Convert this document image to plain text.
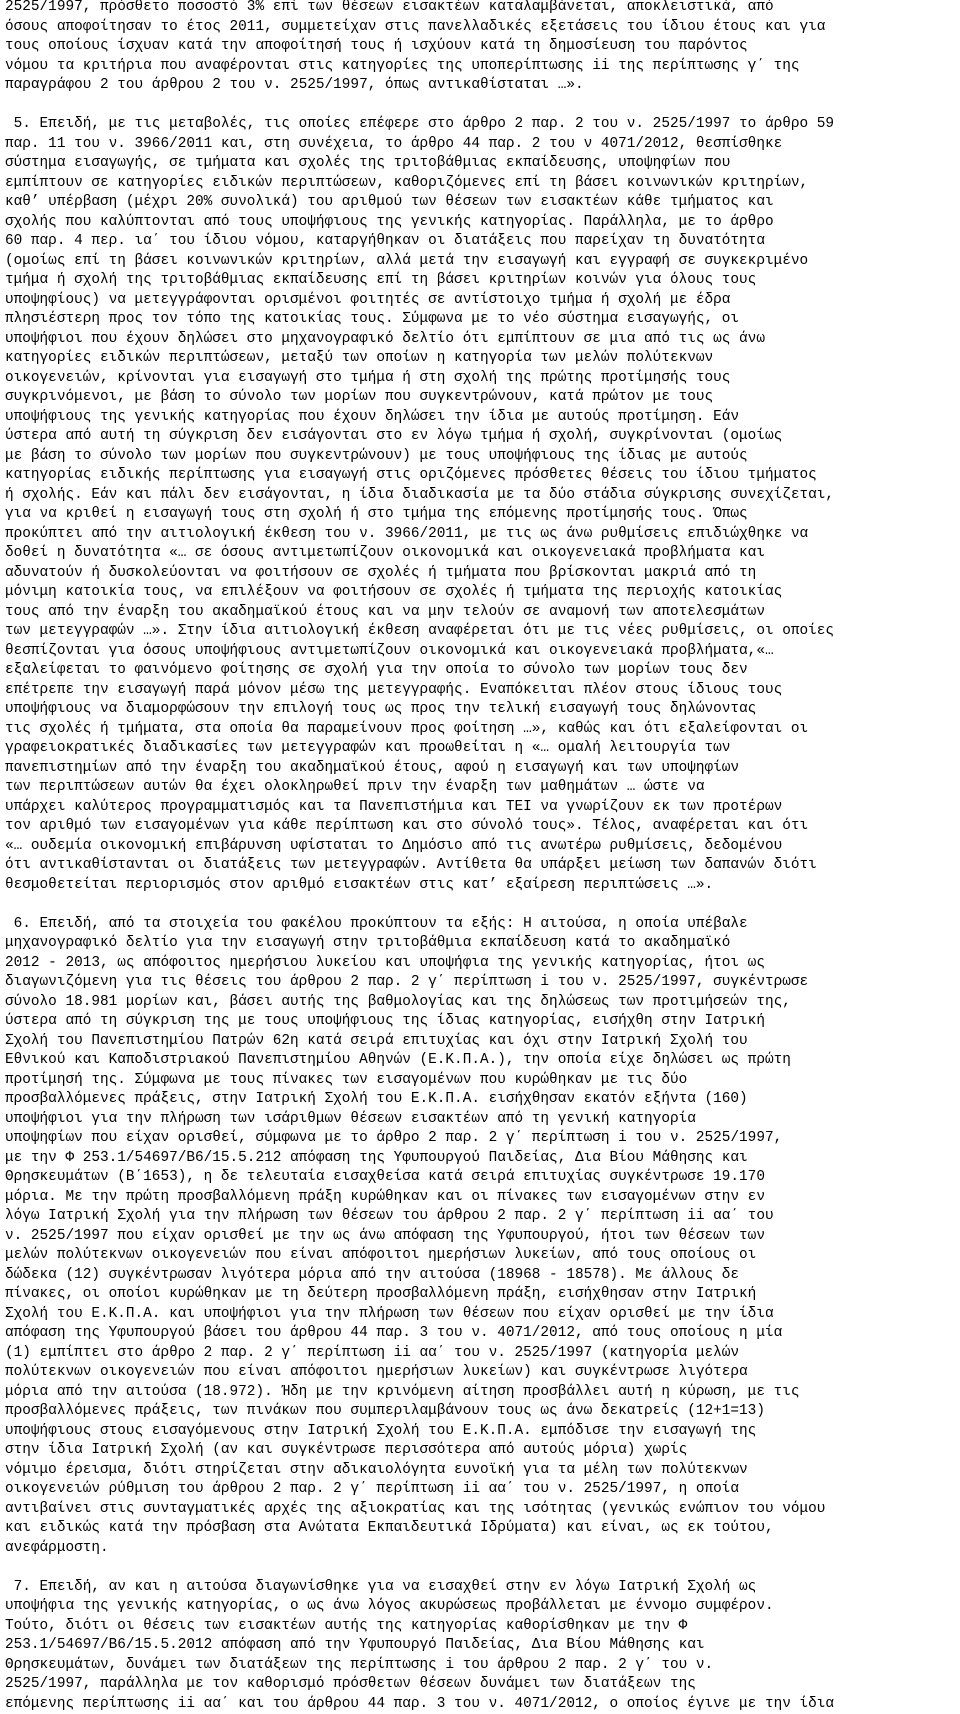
2525/1997, πρόσθετο ποσοστό 3% επί των θέσεων εισακτέων καταλαμβάνεται, αποκλειστικά, από
όσους αποφοίτησαν το έτος 2011, συμμετείχαν στις πανελλαδικές εξετάσεις του ίδιου έτους και για
τους οποίους ίσχυαν κατά την αποφοίτησή τους ή ισχύουν κατά τη δημοσίευση του παρόντος
νόμου τα κριτήρια που αναφέρονται στις κατηγορίες της υποπερίπτωσης ii της περίπτωσης γ΄ της
παραγράφου 2 του άρθρου 2 του ν. 2525/1997, όπως αντικαθίσταται …».
5. Επειδή, με τις μεταβολές, τις οποίες επέφερε στο άρθρο 2 παρ. 2 του ν. 2525/1997 το άρθρο 59
παρ. 11 του ν. 3966/2011 και, στη συνέχεια, το άρθρο 44 παρ. 2 του ν 4071/2012, θεσπίσθηκε
σύστημα εισαγωγής, σε τμήματα και σχολές της τριτοβάθμιας εκπαίδευσης, υποψηφίων που
εμπίπτουν σε κατηγορίες ειδικών περιπτώσεων, καθοριζόμενες επί τη βάσει κοινωνικών κριτηρίων,
καθ’ υπέρβαση (μέχρι 20% συνολικά) του αριθμού των θέσεων των εισακτέων κάθε τμήματος και
σχολής που καλύπτονται από τους υποψήφιους της γενικής κατηγορίας. Παράλληλα, με το άρθρο
60 παρ. 4 περ. ια΄ του ίδιου νόμου, καταργήθηκαν οι διατάξεις που παρείχαν τη δυνατότητα
(ομοίως επί τη βάσει κοινωνικών κριτηρίων, αλλά μετά την εισαγωγή και εγγραφή σε συγκεκριμένο
τμήμα ή σχολή της τριτοβάθμιας εκπαίδευσης επί τη βάσει κριτηρίων κοινών για όλους τους
υποψηφίους) να μετεγγράφονται ορισμένοι φοιτητές σε αντίστοιχο τμήμα ή σχολή με έδρα
πλησιέστερη προς τον τόπο της κατοικίας τους. Σύμφωνα με το νέο σύστημα εισαγωγής, οι
υποψήφιοι που έχουν δηλώσει στο μηχανογραφικό δελτίο ότι εμπίπτουν σε μια από τις ως άνω
κατηγορίες ειδικών περιπτώσεων, μεταξύ των οποίων η κατηγορία των μελών πολύτεκνων
οικογενειών, κρίνονται για εισαγωγή στο τμήμα ή στη σχολή της πρώτης προτίμησής τους
συγκρινόμενοι, με βάση το σύνολο των μορίων που συγκεντρώνουν, κατά πρώτον με τους
υποψήφιους της γενικής κατηγορίας που έχουν δηλώσει την ίδια με αυτούς προτίμηση. Εάν
ύστερα από αυτή τη σύγκριση δεν εισάγονται στο εν λόγω τμήμα ή σχολή, συγκρίνονται (ομοίως
με βάση το σύνολο των μορίων που συγκεντρώνουν) με τους υποψήφιους της ίδιας με αυτούς
κατηγορίας ειδικής περίπτωσης για εισαγωγή στις οριζόμενες πρόσθετες θέσεις του ίδιου τμήματος
ή σχολής. Εάν και πάλι δεν εισάγονται, η ίδια διαδικασία με τα δύο στάδια σύγκρισης συνεχίζεται,
για να κριθεί η εισαγωγή τους στη σχολή ή στο τμήμα της επόμενης προτίμησής τους. Όπως
προκύπτει από την αιτιολογική έκθεση του ν. 3966/2011, με τις ως άνω ρυθμίσεις επιδιώχθηκε να
δοθεί η δυνατότητα «… σε όσους αντιμετωπίζουν οικονομικά και οικογενειακά προβλήματα και
αδυνατούν ή δυσκολεύονται να φοιτήσουν σε σχολές ή τμήματα που βρίσκονται μακριά από τη
μόνιμη κατοικία τους, να επιλέξουν να φοιτήσουν σε σχολές ή τμήματα της περιοχής κατοικίας
τους από την έναρξη του ακαδημαϊκού έτους και να μην τελούν σε αναμονή των αποτελεσμάτων
των μετεγγραφών …». Στην ίδια αιτιολογική έκθεση αναφέρεται ότι με τις νέες ρυθμίσεις, οι οποίες
θεσπίζονται για όσους υποψήφιους αντιμετωπίζουν οικονομικά και οικογενειακά προβλήματα,«…
εξαλείφεται το φαινόμενο φοίτησης σε σχολή για την οποία το σύνολο των μορίων τους δεν
επέτρεπε την εισαγωγή παρά μόνον μέσω της μετεγγραφής. Εναπόκειται πλέον στους ίδιους τους
υποψήφιους να διαμορφώσουν την επιλογή τους ως προς την τελική εισαγωγή τους δηλώνοντας
τις σχολές ή τμήματα, στα οποία θα παραμείνουν προς φοίτηση …», καθώς και ότι εξαλείφονται οι
γραφειοκρατικές διαδικασίες των μετεγγραφών και προωθείται η «… ομαλή λειτουργία των
πανεπιστημίων από την έναρξη του ακαδημαϊκού έτους, αφού η εισαγωγή και των υποψηφίων
των περιπτώσεων αυτών θα έχει ολοκληρωθεί πριν την έναρξη των μαθημάτων … ώστε να
υπάρχει καλύτερος προγραμματισμός και τα Πανεπιστήμια και ΤΕΙ να γνωρίζουν εκ των προτέρων
τον αριθμό των εισαγομένων για κάθε περίπτωση και στο σύνολό τους». Τέλος, αναφέρεται και ότι
«… ουδεμία οικονομική επιβάρυνση υφίσταται το Δημόσιο από τις ανωτέρω ρυθμίσεις, δεδομένου
ότι αντικαθίστανται οι διατάξεις των μετεγγραφών. Αντίθετα θα υπάρξει μείωση των δαπανών διότι
θεσμοθετείται περιορισμός στον αριθμό εισακτέων στις κατ’ εξαίρεση περιπτώσεις …».
6. Επειδή, από τα στοιχεία του φακέλου προκύπτουν τα εξής: Η αιτούσα, η οποία υπέβαλε
μηχανογραφικό δελτίο για την εισαγωγή στην τριτοβάθμια εκπαίδευση κατά το ακαδημαϊκό
2012 - 2013, ως απόφοιτος ημερήσιου λυκείου και υποψήφια της γενικής κατηγορίας, ήτοι ως
διαγωνιζόμενη για τις θέσεις του άρθρου 2 παρ. 2 γ΄ περίπτωση i του ν. 2525/1997, συγκέντρωσε
σύνολο 18.981 μορίων και, βάσει αυτής της βαθμολογίας και της δηλώσεως των προτιμήσεών της,
ύστερα από τη σύγκριση της με τους υποψήφιους της ίδιας κατηγορίας, εισήχθη στην Ιατρική
Σχολή του Πανεπιστημίου Πατρών 62η κατά σειρά επιτυχίας και όχι στην Ιατρική Σχολή του
Εθνικού και Καποδιστριακού Πανεπιστημίου Αθηνών (Ε.Κ.Π.Α.), την οποία είχε δηλώσει ως πρώτη
προτίμησή της. Σύμφωνα με τους πίνακες των εισαγομένων που κυρώθηκαν με τις δύο
προσβαλλόμενες πράξεις, στην Ιατρική Σχολή του Ε.Κ.Π.Α. εισήχθησαν εκατόν εξήντα (160)
υποψήφιοι για την πλήρωση των ισάριθμων θέσεων εισακτέων από τη γενική κατηγορία
υποψηφίων που είχαν ορισθεί, σύμφωνα με το άρθρο 2 παρ. 2 γ΄ περίπτωση i του ν. 2525/1997,
με την Φ 253.1/54697/Β6/15.5.212 απόφαση της Υφυπουργού Παιδείας, Δια Βίου Μάθησης και
Θρησκευμάτων (Β΄1653), η δε τελευταία εισαχθείσα κατά σειρά επιτυχίας συγκέντρωσε 19.170
μόρια. Με την πρώτη προσβαλλόμενη πράξη κυρώθηκαν και οι πίνακες των εισαγομένων στην εν
λόγω Ιατρική Σχολή για την πλήρωση των θέσεων του άρθρου 2 παρ. 2 γ΄ περίπτωση ii αα΄ του
ν. 2525/1997 που είχαν ορισθεί με την ως άνω απόφαση της Υφυπουργού, ήτοι των θέσεων των
μελών πολύτεκνων οικογενειών που είναι απόφοιτοι ημερήσιων λυκείων, από τους οποίους οι
δώδεκα (12) συγκέντρωσαν λιγότερα μόρια από την αιτούσα (18968 - 18578). Με άλλους δε
πίνακες, οι οποίοι κυρώθηκαν με τη δεύτερη προσβαλλόμενη πράξη, εισήχθησαν στην Ιατρική
Σχολή του Ε.Κ.Π.Α. και υποψήφιοι για την πλήρωση των θέσεων που είχαν ορισθεί με την ίδια
απόφαση της Υφυπουργού βάσει του άρθρου 44 παρ. 3 του ν. 4071/2012, από τους οποίους η μία
(1) εμπίπτει στο άρθρο 2 παρ. 2 γ΄ περίπτωση ii αα΄ του ν. 2525/1997 (κατηγορία μελών
πολύτεκνων οικογενειών που είναι απόφοιτοι ημερήσιων λυκείων) και συγκέντρωσε λιγότερα
μόρια από την αιτούσα (18.972). Ήδη με την κρινόμενη αίτηση προσβάλλει αυτή η κύρωση, με τις
προσβαλλόμενες πράξεις, των πινάκων που συμπεριλαμβάνουν τους ως άνω δεκατρείς (12+1=13)
υποψήφιους στους εισαγόμενους στην Ιατρική Σχολή του Ε.Κ.Π.Α. εμπόδισε την εισαγωγή της
στην ίδια Ιατρική Σχολή (αν και συγκέντρωσε περισσότερα από αυτούς μόρια) χωρίς
νόμιμο έρεισμα, διότι στηρίζεται στην αδικαιολόγητα ευνοϊκή για τα μέλη των πολύτεκνων
οικογενειών ρύθμιση του άρθρου 2 παρ. 2 γ΄ περίπτωση ii αα΄ του ν. 2525/1997, η οποία
αντιβαίνει στις συνταγματικές αρχές της αξιοκρατίας και της ισότητας (γενικώς ενώπιον του νόμου
και ειδικώς κατά την πρόσβαση στα Ανώτατα Εκπαιδευτικά Ιδρύματα) και είναι, ως εκ τούτου,
ανεφάρμοστη.
7. Επειδή, αν και η αιτούσα διαγωνίσθηκε για να εισαχθεί στην εν λόγω Ιατρική Σχολή ως
υποψήφια της γενικής κατηγορίας, ο ως άνω λόγος ακυρώσεως προβάλλεται με έννομο συμφέρον.
Τούτο, διότι οι θέσεις των εισακτέων αυτής της κατηγορίας καθορίσθηκαν με την Φ
253.1/54697/Β6/15.5.2012 απόφαση από την Υφυπουργό Παιδείας, Δια Βίου Μάθησης και
Θρησκευμάτων, δυνάμει των διατάξεων της περίπτωσης i του άρθρου 2 παρ. 2 γ΄ του ν.
2525/1997, παράλληλα με τον καθορισμό πρόσθετων θέσεων δυνάμει των διατάξεων της
επόμενης περίπτωσης ii αα΄ και του άρθρου 44 παρ. 3 του ν. 4071/2012, ο οποίος έγινε με την ίδια
